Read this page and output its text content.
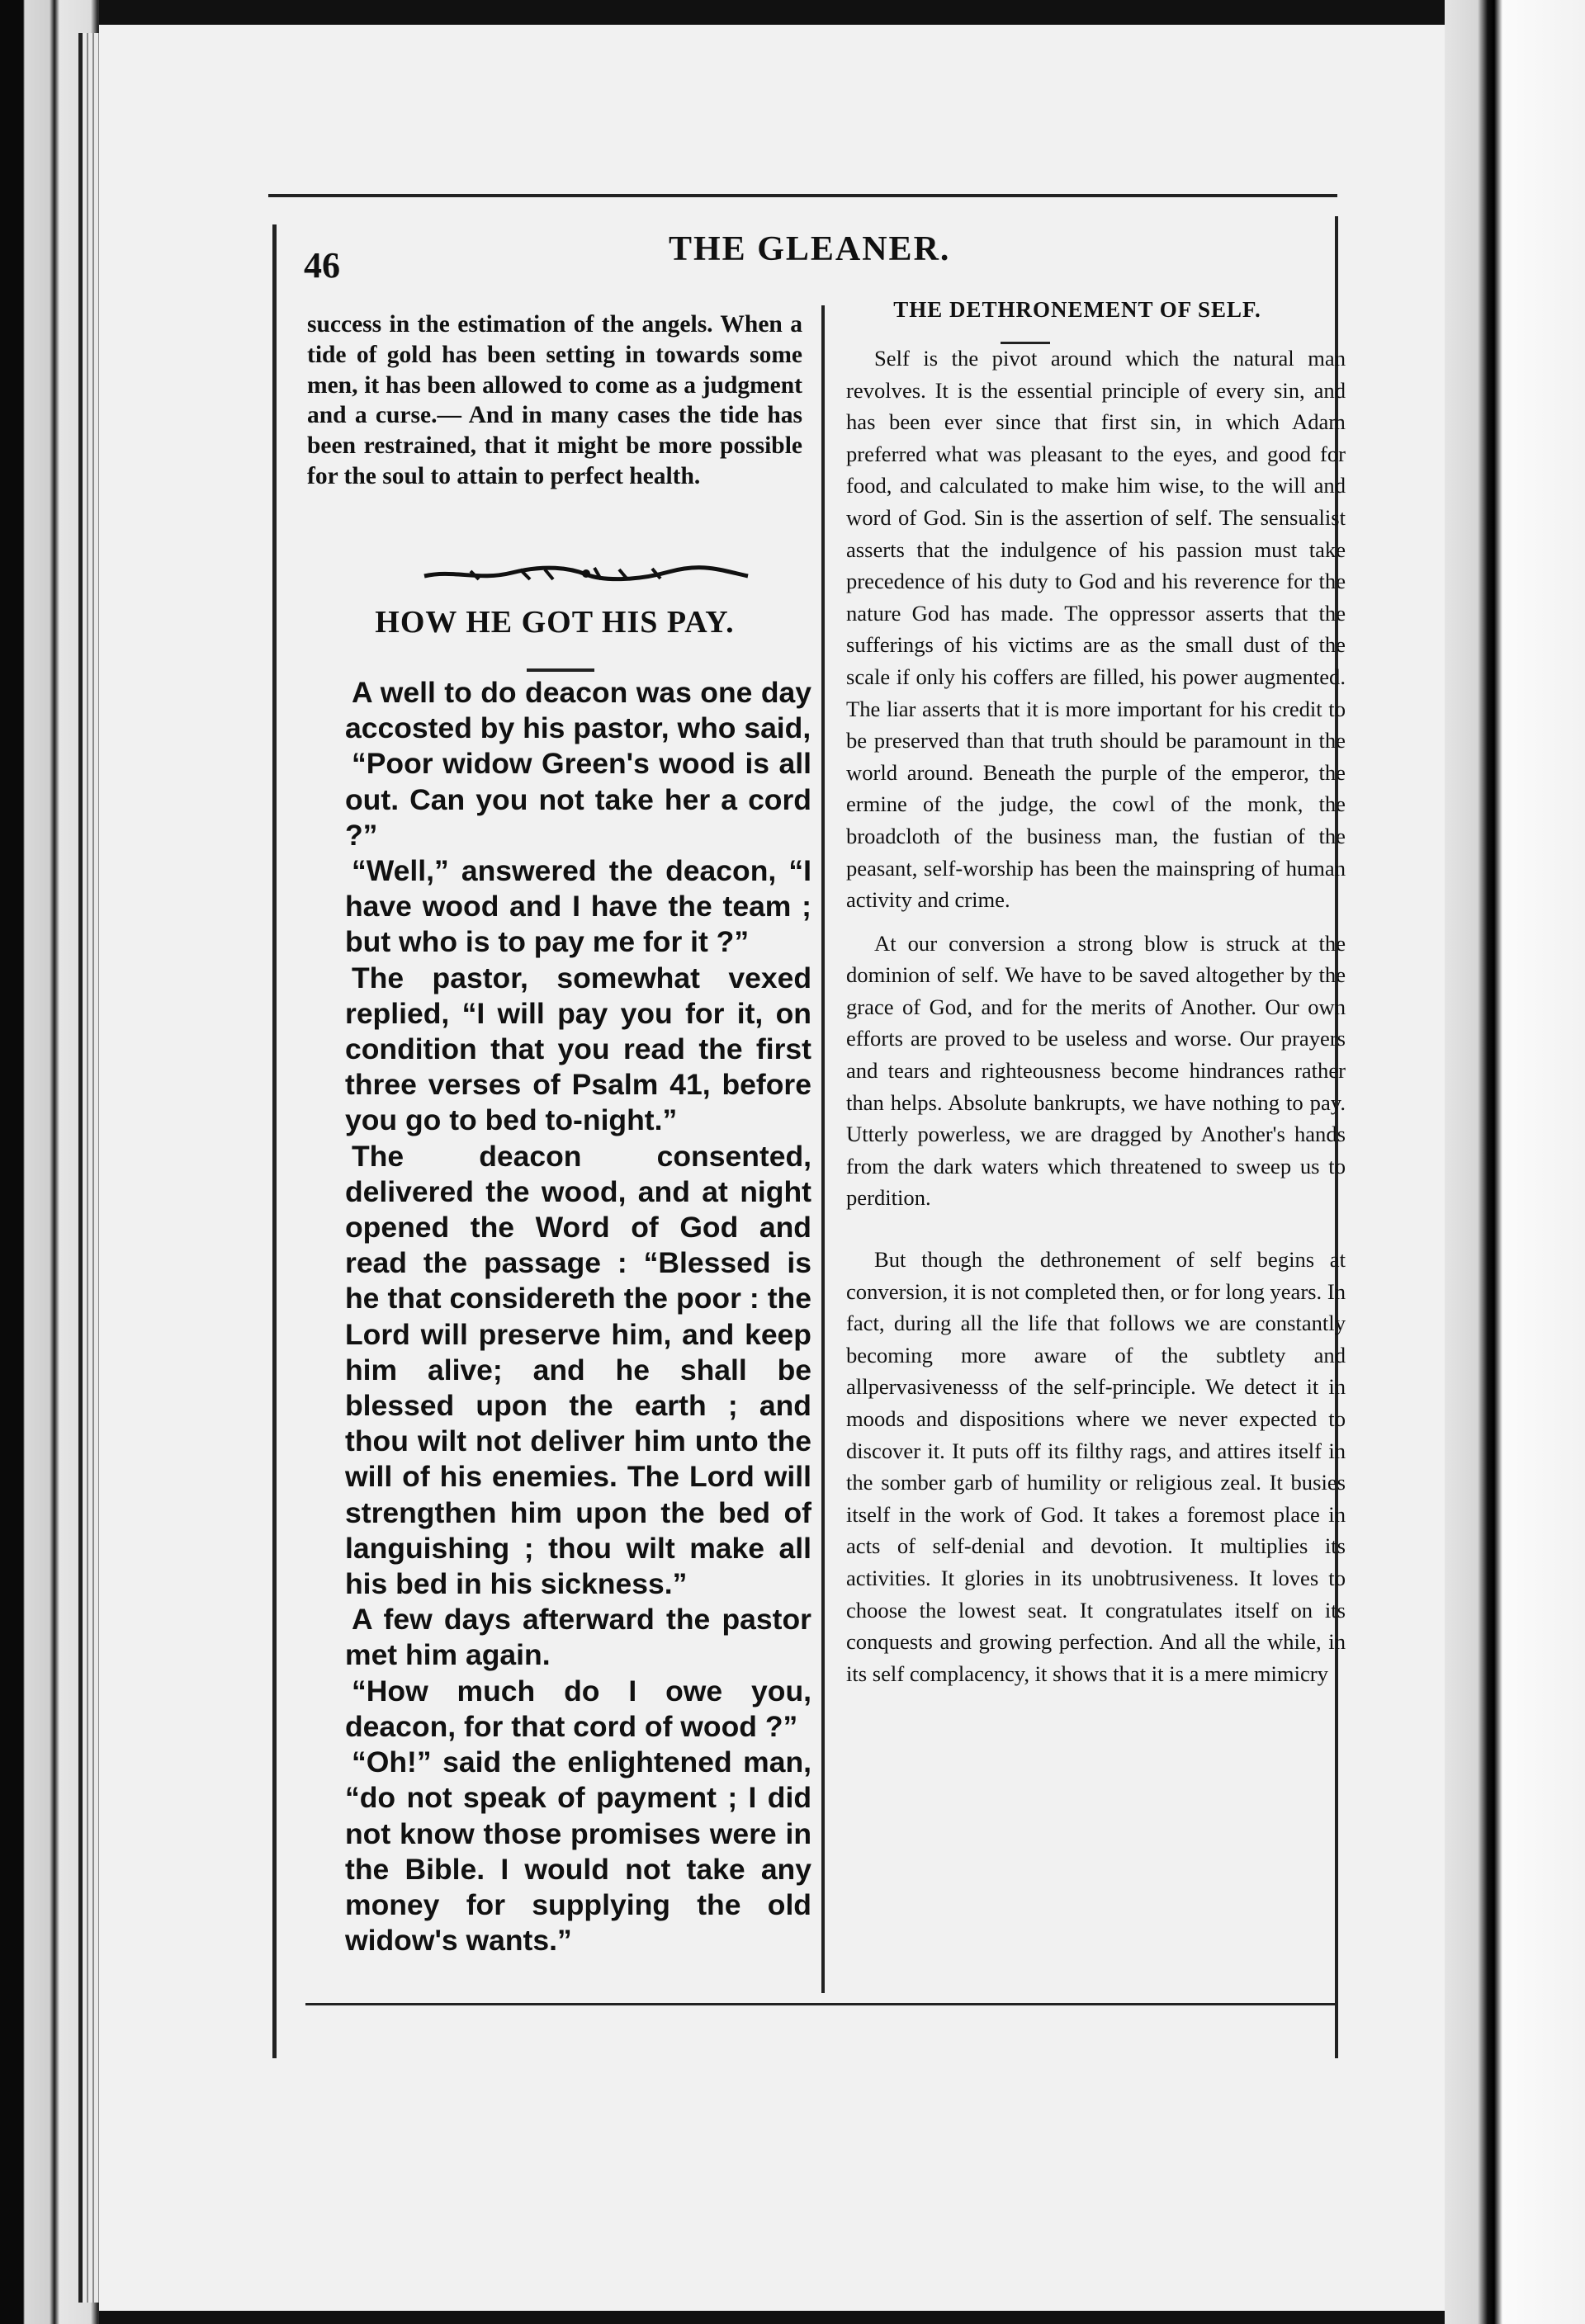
46	THE GLEANER.

success in the estimation of the angels. When a tide of gold has been setting in towards some men, it has been allowed to come as a judgment and a curse.— And in many cases the tide has been restrained, that it might be more possible for the soul to attain to perfect health.

HOW HE GOT HIS PAY.

A well to do deacon was one day accosted by his pastor, who said,

“Poor widow Green's wood is all out. Can you not take her a cord ?”

“Well,” answered the deacon, “I have wood and I have the team ; but who is to pay me for it ?”

The pastor, somewhat vexed replied, “I will pay you for it, on condition that you read the first three verses of Psalm 41, before you go to bed to-night.”

The deacon consented, delivered the wood, and at night opened the Word of God and read the passage : “Blessed is he that considereth the poor : the Lord will preserve him, and keep him alive; and he shall be blessed upon the earth ; and thou wilt not deliver him unto the will of his enemies. The Lord will strengthen him upon the bed of languishing ; thou wilt make all his bed in his sickness.”

A few days afterward the pastor met him again.

“How much do I owe you, deacon, for that cord of wood ?”

“Oh!” said the enlightened man, “do not speak of payment ; I did not know those promises were in the Bible. I would not take any money for supplying the old widow's wants.”

THE DETHRONEMENT OF SELF.

Self is the pivot around which the natural man revolves. It is the essential principle of every sin, and has been ever since that first sin, in which Adam preferred what was pleasant to the eyes, and good for food, and calculated to make him wise, to the will and word of God. Sin is the assertion of self. The sensualist asserts that the indulgence of his passion must take precedence of his duty to God and his reverence for the nature God has made. The oppressor asserts that the sufferings of his victims are as the small dust of the scale if only his coffers are filled, his power augmented. The liar asserts that it is more important for his credit to be preserved than that truth should be paramount in the world around. Beneath the purple of the emperor, the ermine of the judge, the cowl of the monk, the broadcloth of the business man, the fustian of the peasant, self-worship has been the mainspring of human activity and crime.

At our conversion a strong blow is struck at the dominion of self. We have to be saved altogether by the grace of God, and for the merits of Another. Our own efforts are proved to be useless and worse. Our prayers and tears and righteousness become hindrances rather than helps. Absolute bankrupts, we have nothing to pay. Utterly powerless, we are dragged by Another's hands from the dark waters which threatened to sweep us to perdition.

But though the dethronement of self begins at conversion, it is not completed then, or for long years. In fact, during all the life that follows we are constantly becoming more aware of the subtlety and allpervasivenesss of the self-principle. We detect it in moods and dispositions where we never expected to discover it. It puts off its filthy rags, and attires itself in the somber garb of humility or religious zeal. It busies itself in the work of God. It takes a foremost place in acts of self-denial and devotion. It multiplies its activities. It glories in its unobtrusiveness. It loves to choose the lowest seat. It congratulates itself on its conquests and growing perfection. And all the while, in its self complacency, it shows that it is a mere mimicry
